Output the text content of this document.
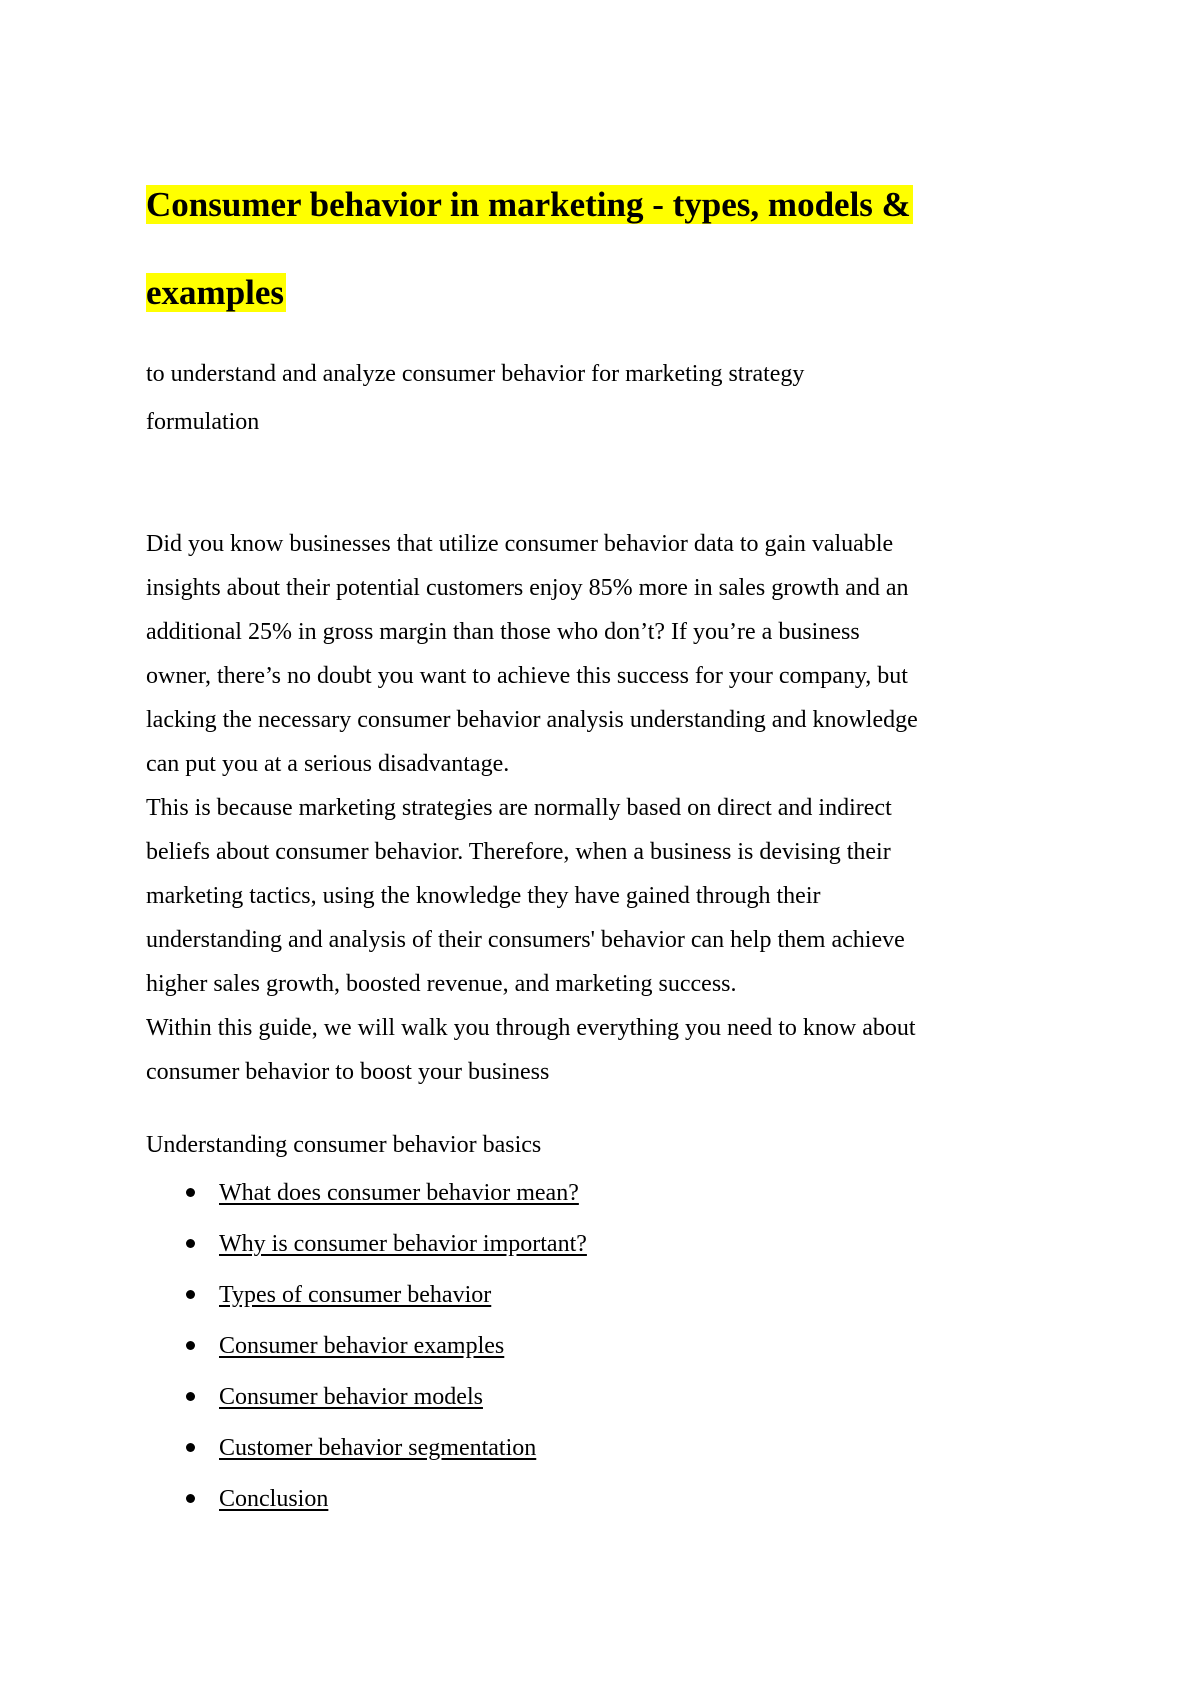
Consumer behavior in marketing - types, models &
examples
to understand and analyze consumer behavior for marketing strategy
formulation
Did you know businesses that utilize consumer behavior data to gain valuable
insights about their potential customers enjoy 85% more in sales growth and an
additional 25% in gross margin than those who don’t? If you’re a business
owner, there’s no doubt you want to achieve this success for your company, but
lacking the necessary consumer behavior analysis understanding and knowledge
can put you at a serious disadvantage.
This is because marketing strategies are normally based on direct and indirect
beliefs about consumer behavior. Therefore, when a business is devising their
marketing tactics, using the knowledge they have gained through their
understanding and analysis of their consumers' behavior can help them achieve
higher sales growth, boosted revenue, and marketing success.
Within this guide, we will walk you through everything you need to know about
consumer behavior to boost your business
Understanding consumer behavior basics
What does consumer behavior mean?
Why is consumer behavior important?
Types of consumer behavior
Consumer behavior examples
Consumer behavior models
Customer behavior segmentation
Conclusion
